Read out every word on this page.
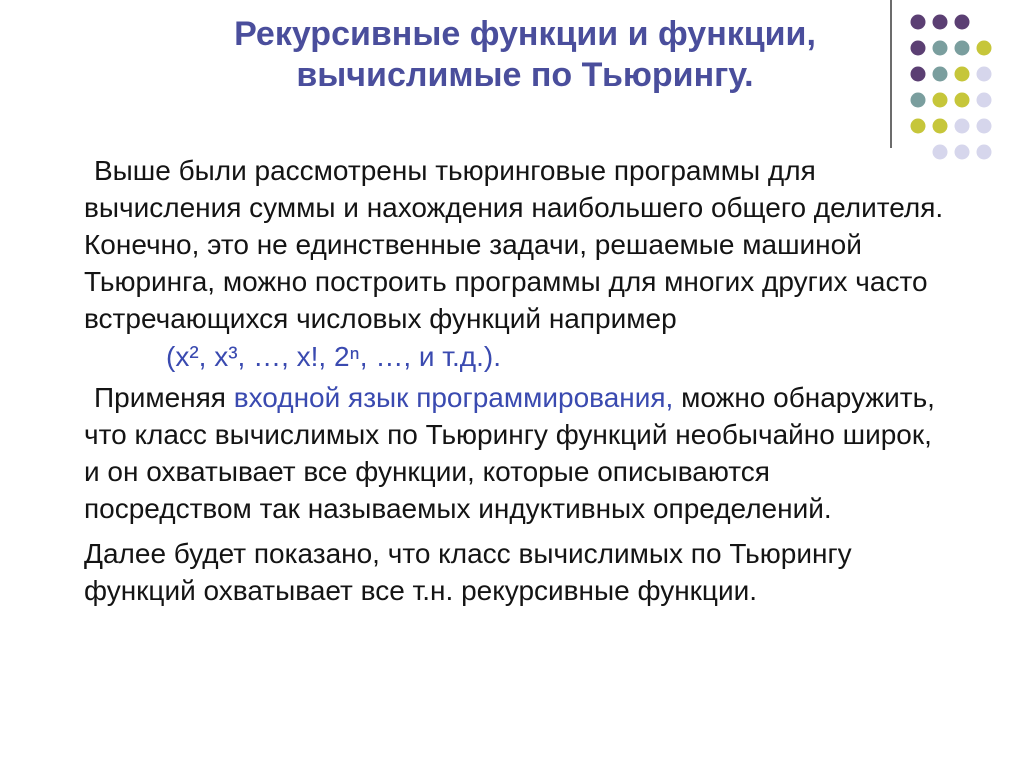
Рекурсивные функции и функции,
вычислимые по Тьюрингу.

Выше были рассмотрены тьюринговые программы для вычисления суммы и нахождения наибольшего общего делителя. Конечно, это не единственные задачи, решаемые машиной Тьюринга, можно построить программы для многих других часто встречающихся числовых функций например

(x², x³, …, x!, 2ⁿ, …, и т.д.).

Применяя входной язык программирования, можно обнаружить, что класс вычислимых по Тьюрингу функций необычайно широк, и он охватывает все функции, которые описываются посредством так называемых индуктивных определений.

Далее будет показано, что класс вычислимых по Тьюрингу функций охватывает все т.н. рекурсивные функции.
